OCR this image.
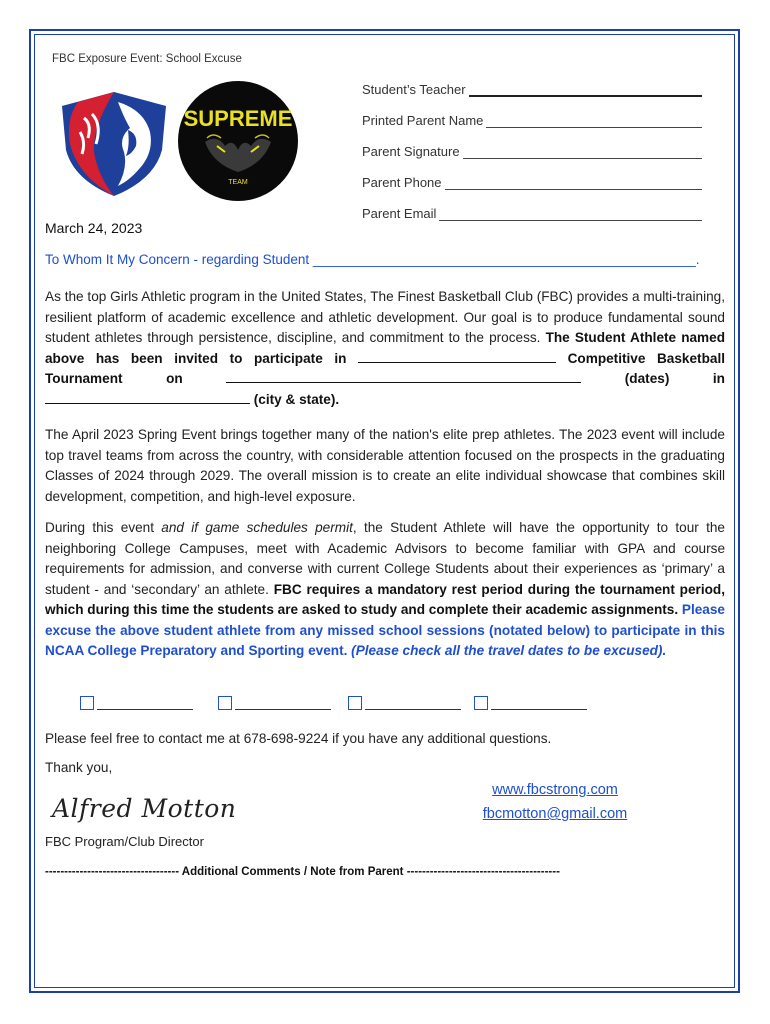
FBC Exposure Event: School Excuse
SUPREME
TEAM
Student’s Teacher
Printed Parent Name
Parent Signature
Parent Phone
Parent Email
March 24, 2023
To Whom It My Concern - regarding Student ___________________________________________________.
As the top Girls Athletic program in the United States, The Finest Basketball Club (FBC) provides a multi-training, resilient platform of academic excellence and athletic development. Our goal is to produce fundamental sound student athletes through persistence, discipline, and commitment to the process. The Student Athlete named above has been invited to participate in	Competitive Basketball Tournament on	(dates)	in  (city & state).
The April 2023 Spring Event brings together many of the nation's elite prep athletes. The 2023 event will include top travel teams from across the country, with considerable attention focused on the prospects in the graduating Classes of 2024 through 2029. The overall mission is to create an elite individual showcase that combines skill development, competition, and high-level exposure.
During this event and if game schedules permit, the Student Athlete will have the opportunity to tour the neighboring College Campuses, meet with Academic Advisors to become familiar with GPA and course requirements for admission, and converse with current College Students about their experiences as ‘primary’ a student - and ‘secondary’ an athlete. FBC requires a mandatory rest period during the tournament period, which during this time the students are asked to study and complete their academic assignments. Please excuse the above student athlete from any missed school sessions (notated below) to participate in this NCAA College Preparatory and Sporting event. (Please check all the travel dates to be excused).
Please feel free to contact me at 678-698-9224 if you have any additional questions.
Thank you,
Alfred Motton
FBC Program/Club Director
www.fbcstrong.com
fbcmotton@gmail.com
----------------------------------- Additional Comments / Note from Parent ----------------------------------------
